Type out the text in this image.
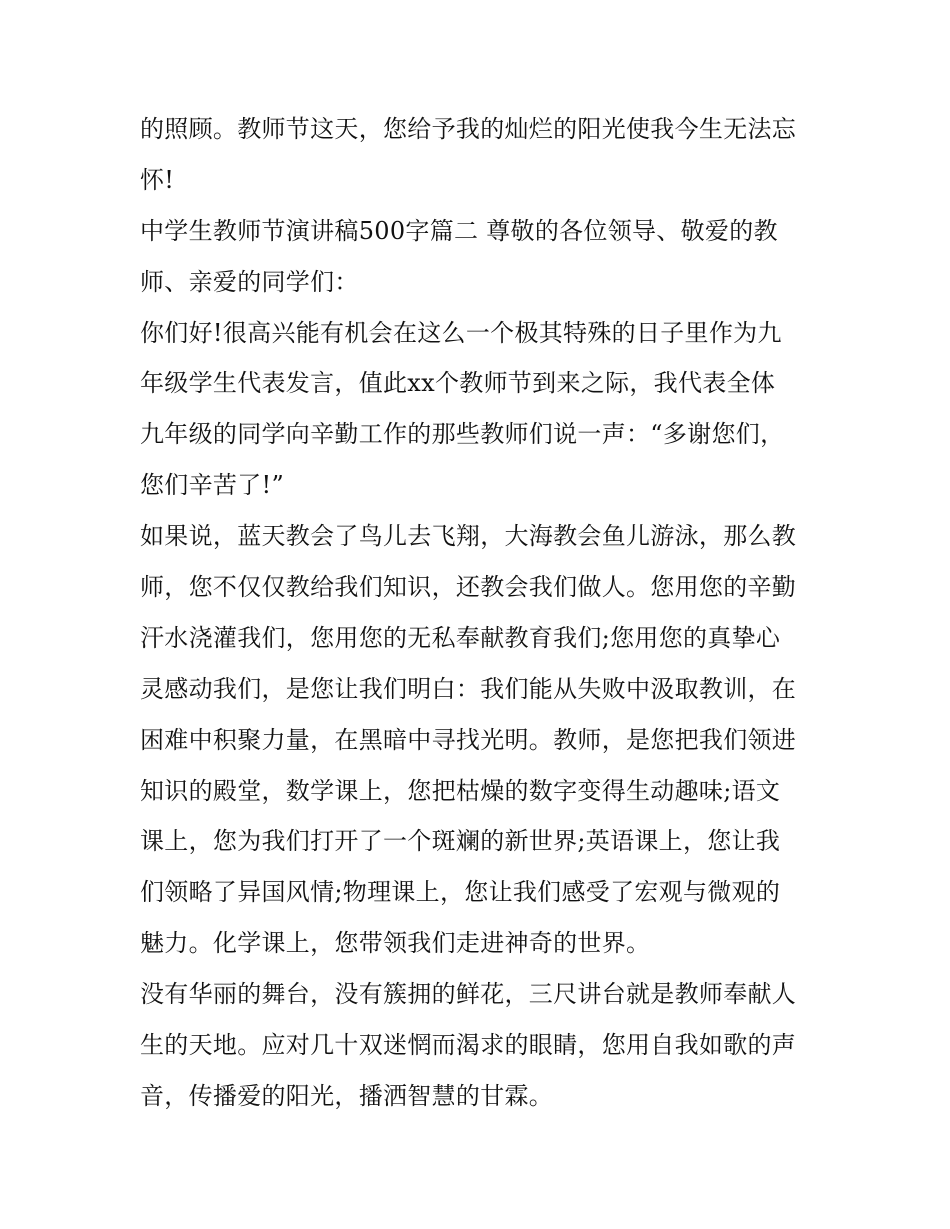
的照顾。教师节这天，您给予我的灿烂的阳光使我今生无法忘
怀!
中学生教师节演讲稿500字篇二 尊敬的各位领导、敬爱的教
师、亲爱的同学们：
你们好!很高兴能有机会在这么一个极其特殊的日子里作为九
年级学生代表发言，值此xx个教师节到来之际，我代表全体
九年级的同学向辛勤工作的那些教师们说一声：“多谢您们，
您们辛苦了!”
如果说，蓝天教会了鸟儿去飞翔，大海教会鱼儿游泳，那么教
师，您不仅仅教给我们知识，还教会我们做人。您用您的辛勤
汗水浇灌我们，您用您的无私奉献教育我们;您用您的真挚心
灵感动我们，是您让我们明白：我们能从失败中汲取教训，在
困难中积聚力量，在黑暗中寻找光明。教师，是您把我们领进
知识的殿堂，数学课上，您把枯燥的数字变得生动趣味;语文
课上，您为我们打开了一个斑斓的新世界;英语课上，您让我
们领略了异国风情;物理课上，您让我们感受了宏观与微观的
魅力。化学课上，您带领我们走进神奇的世界。
没有华丽的舞台，没有簇拥的鲜花，三尺讲台就是教师奉献人
生的天地。应对几十双迷惘而渴求的眼睛，您用自我如歌的声
音，传播爱的阳光，播洒智慧的甘霖。
